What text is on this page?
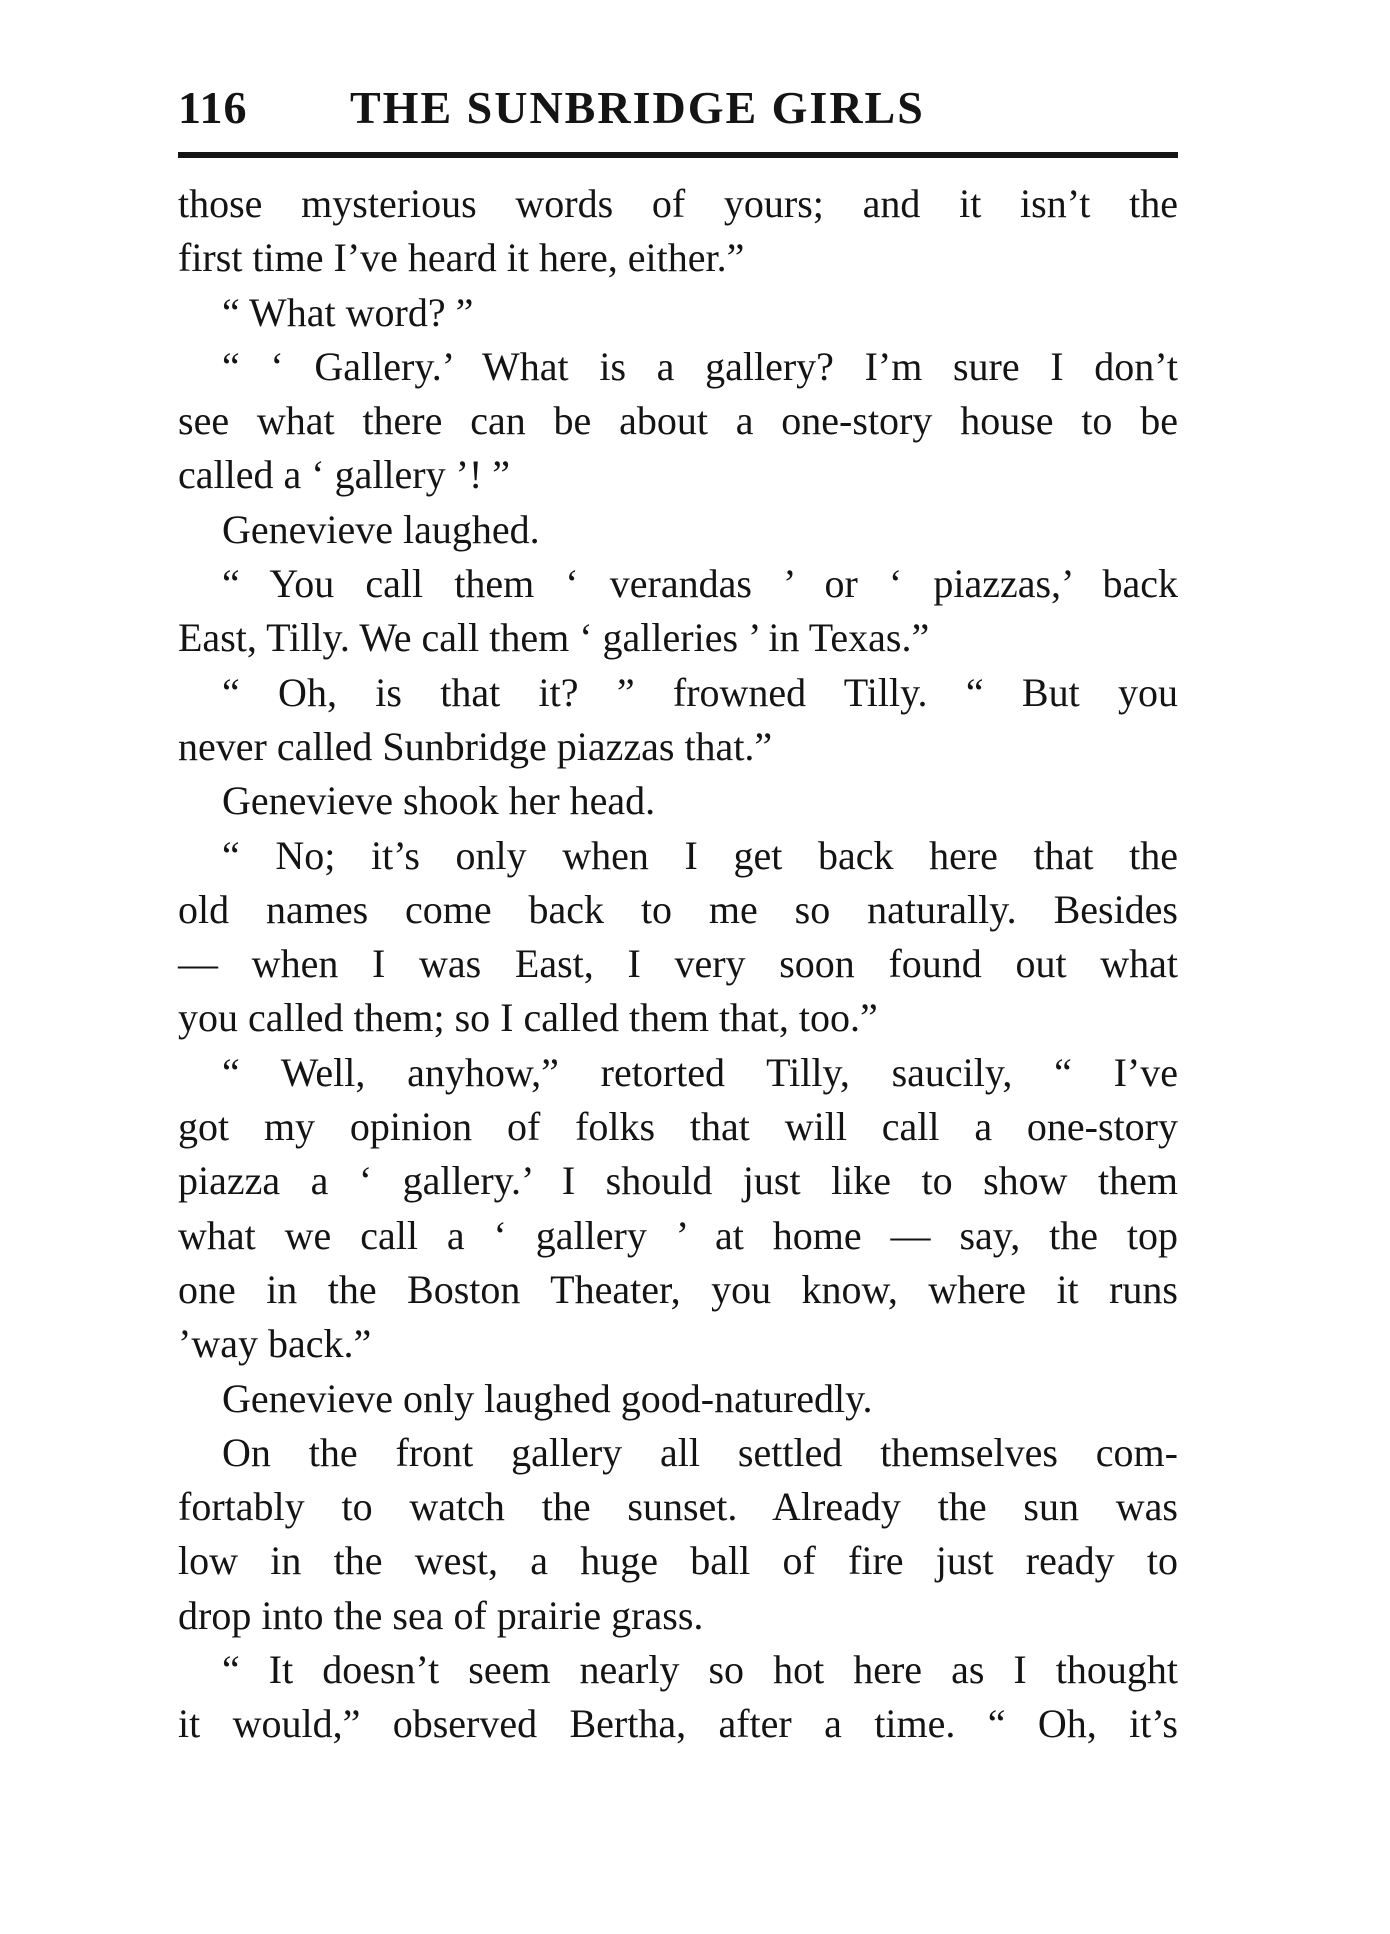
116 THE SUNBRIDGE GIRLS
those mysterious words of yours; and it isn’t the
first time I’ve heard it here, either.”
“ What word? ”
“ ‘ Gallery.’ What is a gallery? I’m sure I don’t
see what there can be about a one-story house to be
called a ‘ gallery ’! ”
Genevieve laughed.
“ You call them ‘ verandas ’ or ‘ piazzas,’ back
East, Tilly. We call them ‘ galleries ’ in Texas.”
“ Oh, is that it? ” frowned Tilly. “ But you
never called Sunbridge piazzas that.”
Genevieve shook her head.
“ No; it’s only when I get back here that the
old names come back to me so naturally. Besides
— when I was East, I very soon found out what
you called them; so I called them that, too.”
“ Well, anyhow,” retorted Tilly, saucily, “ I’ve
got my opinion of folks that will call a one-story
piazza a ‘ gallery.’ I should just like to show them
what we call a ‘ gallery ’ at home — say, the top
one in the Boston Theater, you know, where it runs
’way back.”
Genevieve only laughed good-naturedly.
On the front gallery all settled themselves com-
fortably to watch the sunset. Already the sun was
low in the west, a huge ball of fire just ready to
drop into the sea of prairie grass.
“ It doesn’t seem nearly so hot here as I thought
it would,” observed Bertha, after a time. “ Oh, it’s
